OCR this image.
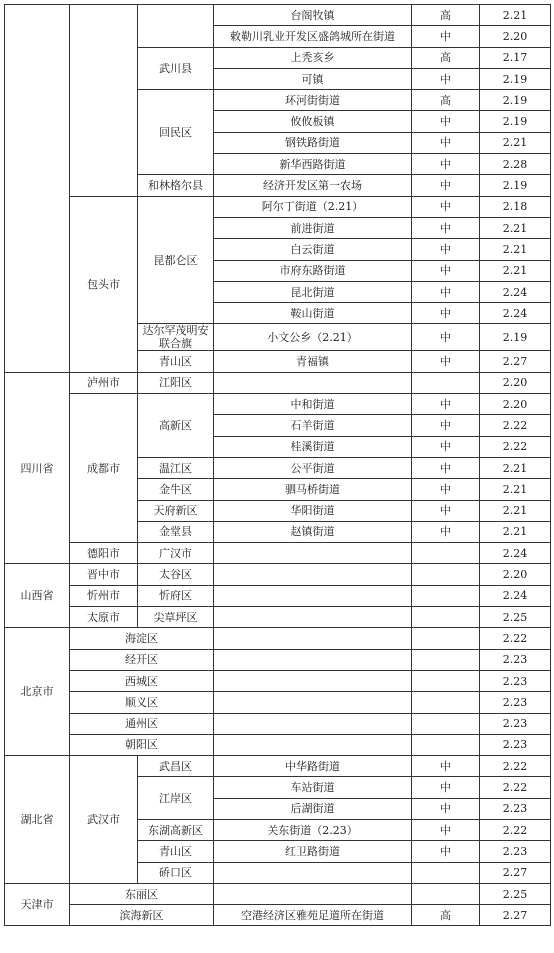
			台阁牧镇	高	2.21
			敕勒川乳业开发区盛鸽城所在街道	中	2.20
		武川县	上秃亥乡	高	2.17
			可镇	中	2.19
		回民区	环河街街道	高	2.19
			攸攸板镇	中	2.19
			钢铁路街道	中	2.21
			新华西路街道	中	2.28
		和林格尔县	经济开发区第一农场	中	2.19
	包头市	昆都仑区	阿尔丁街道（2.21）	中	2.18
			前进街道	中	2.21
			白云街道	中	2.21
			市府东路街道	中	2.21
			昆北街道	中	2.24
			鞍山街道	中	2.24
		达尔罕茂明安联合旗	小文公乡（2.21）	中	2.19

		青山区	青福镇	中	2.27
四川省	泸州市	江阳区			2.20
	成都市	高新区	中和街道	中	2.20
			石羊街道	中	2.22
			桂溪街道	中	2.22
		温江区	公平街道	中	2.21
		金牛区	驷马桥街道	中	2.21
		天府新区	华阳街道	中	2.21
		金堂县	赵镇街道	中	2.21
	德阳市	广汉市			2.24
山西省	晋中市	太谷区			2.20
	忻州市	忻府区			2.24
	太原市	尖草坪区			2.25
北京市	海淀区				2.22
	经开区				2.23
	西城区				2.23
	顺义区				2.23
	通州区				2.23
	朝阳区				2.23
湖北省	武汉市	武昌区	中华路街道	中	2.22
		江岸区	车站街道	中	2.22
			后湖街道	中	2.23
		东湖高新区	关东街道（2.23）	中	2.22
		青山区	红卫路街道	中	2.23
		硚口区			2.27
天津市	东丽区				2.25
	滨海新区		空港经济区雅苑足道所在街道	高	2.27
